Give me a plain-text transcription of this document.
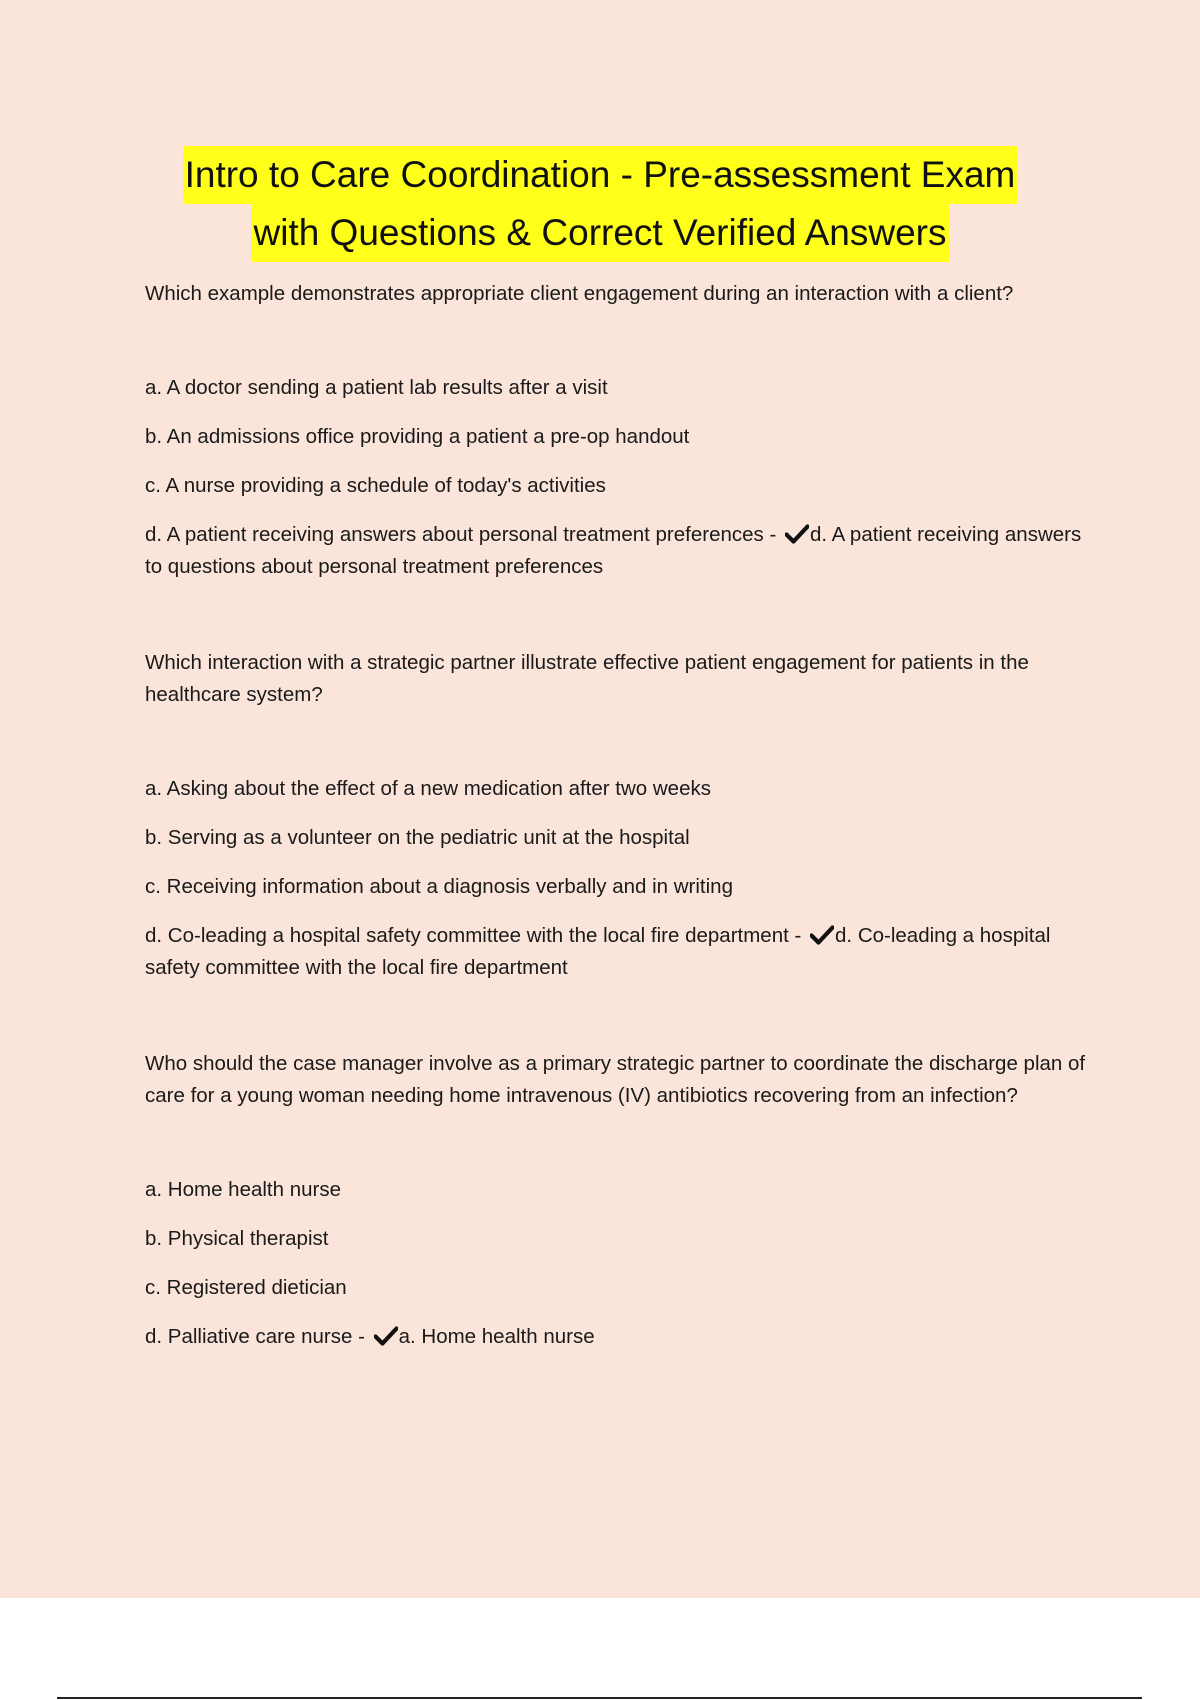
Intro to Care Coordination - Pre-assessment Exam
with Questions & Correct Verified Answers

Which example demonstrates appropriate client engagement during an interaction with a client?

a. A doctor sending a patient lab results after a visit

b. An admissions office providing a patient a pre-op handout

c. A nurse providing a schedule of today's activities

d. A patient receiving answers about personal treatment preferences - d. A patient receiving answers to questions about personal treatment preferences

Which interaction with a strategic partner illustrate effective patient engagement for patients in the healthcare system?

a. Asking about the effect of a new medication after two weeks

b. Serving as a volunteer on the pediatric unit at the hospital

c. Receiving information about a diagnosis verbally and in writing

d. Co-leading a hospital safety committee with the local fire department - d. Co-leading a hospital safety committee with the local fire department

Who should the case manager involve as a primary strategic partner to coordinate the discharge plan of care for a young woman needing home intravenous (IV) antibiotics recovering from an infection?

a. Home health nurse

b. Physical therapist

c. Registered dietician

d. Palliative care nurse - a. Home health nurse
